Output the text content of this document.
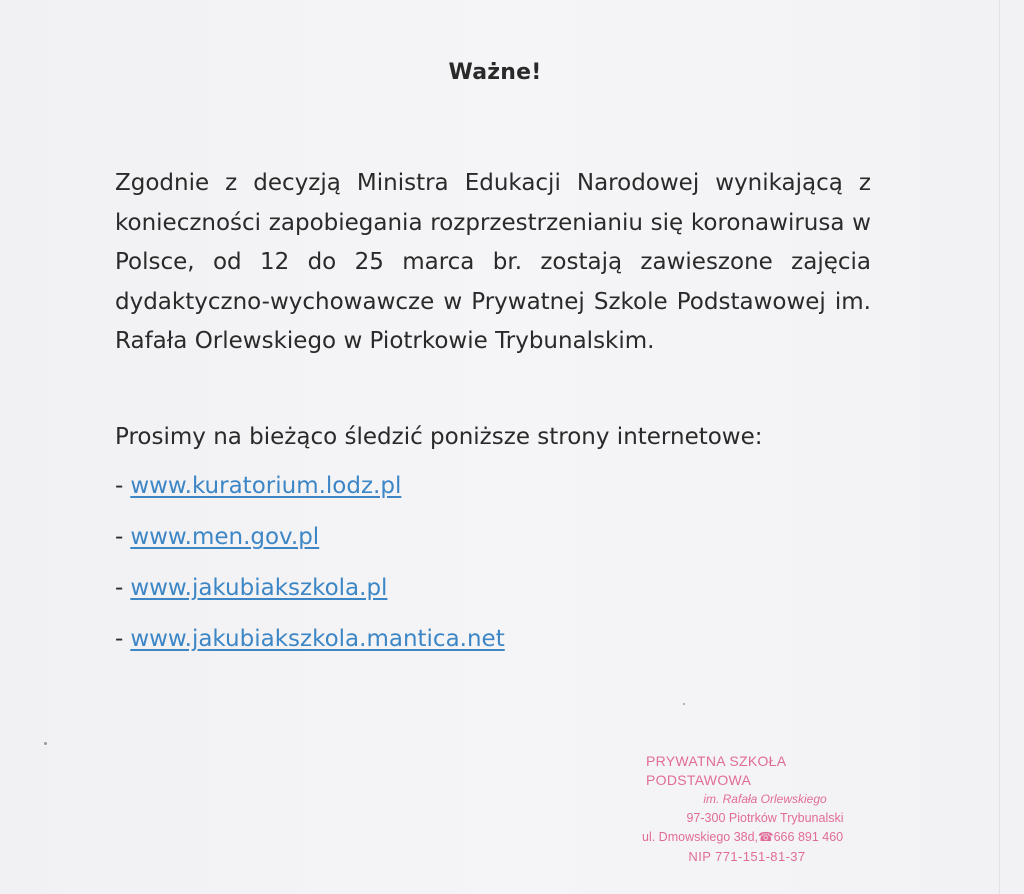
Ważne!

Zgodnie z decyzją Ministra Edukacji Narodowej wynikającą z konieczności zapobiegania rozprzestrzenianiu się koronawirusa w Polsce, od 12 do 25 marca br. zostają zawieszone zajęcia dydaktyczno-wychowawcze w Prywatnej Szkole Podstawowej im. Rafała Orlewskiego w Piotrkowie Trybunalskim.

Prosimy na bieżąco śledzić poniższe strony internetowe:
- www.kuratorium.lodz.pl
- www.men.gov.pl
- www.jakubiakszkola.pl
- www.jakubiakszkola.mantica.net
PRYWATNA SZKOŁA PODSTAWOWA
im. Rafała Orlewskiego
97-300 Piotrków Trybunalski
ul. Dmowskiego 38d,☎666 891 460
NIP 771-151-81-37
